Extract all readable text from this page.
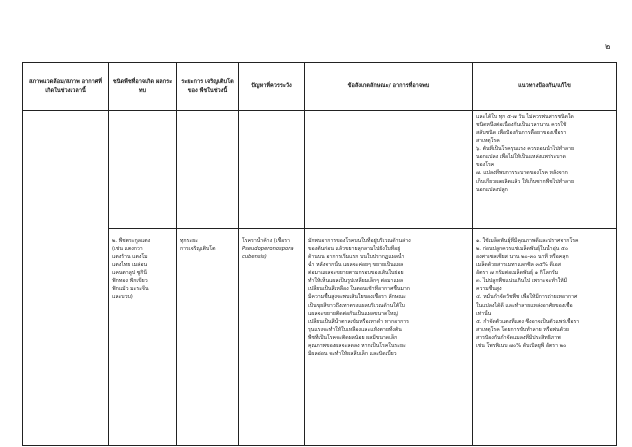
๒
สภาพแวดล้อม/สภาพ อากาศที่เกิดในช่วงเวลานี้
ชนิดพืชที่อาจเกิด ผลกระทบ
ระยะการ เจริญเติบโตของ พืชในช่วงนี้
ปัญหาที่ควรระวัง	ข้อสังเกตลักษณะ/ อาการที่อาจพบ	แนวทางป้องกัน/แก้ไข
และได้ใบ ทุก ๕-๗ วัน ไม่ควรพ่นสารชนิดใด
ชนิดหนึ่งต่อเนื่องกันเป็นเวลานาน ควรใช้
สลับชนิด เพื่อป้องกันการดื้อยาของเชื้อรา
สาเหตุโรค
๖. ต้นที่เป็นโรครุนแรง ควรถอนนำไปทำลาย
นอกแปลง เพื่อไม่ให้เป็นแหล่งแพร่ระบาด
ของโรค
๗. แปลงที่พบการระบาดของโรค หลังจาก
เก็บเกี่ยวผลผลิตแล้ว ให้เก็บซากพืชไปทำลาย
นอกแปลงปลูก
๒. พืชตระกูลแตง
(เช่น แตงกวา
แตงร้าน แตงโม
แตงไทย เมล่อน
แคนตาลูป ซูกินี
ฟักทอง ฟักเขียว
ฟักแม้ว มะระจีน
และบวบ)
ทุกระยะ
การเจริญเติบโต
โรคราน้ำค้าง (เชื้อรา
Pseudoperonospora
cubensis)
มักพบอาการของโรคบนใบที่อยู่บริเวณด้านล่าง
ของต้นก่อน แล้วขยายลุกลามไปยังใบที่อยู่
ด้านบน อาการเริ่มแรก บนใบปรากฏแผลน้ำ
ฉ่ำ หลังจากนั้น แผลจะค่อยๆ ขยายเป็นแผล
ต่อมาแผลจะขยายตามกรอบของเส้นใบย่อย
ทำให้เห็นแผลเป็นรูปเหลี่ยมเล็กๆ ต่อมาแผล
เปลี่ยนเป็นสีเหลือง ในตอนเช้าที่อากาศชื้นมาก
มีความชื้นสูงจะพบเส้นใยของเชื้อรา ลักษณะ
เป็นขุยสีขาวถึงเทาตรงแผลบริเวณด้านใต้ใบ
แผลจะขยายติดต่อกันเป็นแผลขนาดใหญ่
เปลี่ยนเป็นสีน้ำตาลเข้มหรือเทาดำ หากอาการ
รุนแรงจะทำให้ใบเหลืองและแห้งตายทั้งต้น
พืชที่เป็นโรคจะติดผลน้อย ผลมีขนาดเล็ก
คุณภาพของผลจะลดลง หากเป็นโรคในระยะ
มีผลอ่อน จะทำให้ผลลีบเล็ก และบิดเบี้ยว
๑. ใช้เมล็ดพันธุ์ที่มีคุณภาพดีและปราศจากโรค
๒. ก่อนปลูกควรแช่เมล็ดพันธุ์ในน้ำอุ่น ๕๐
องศาเซลเซียส นาน ๒๐-๓๐ นาที หรือคลุก
เมล็ดด้วยสารเมทาแลกซิล ๓๕% ดีเอส
อัตรา ๗ กรัมต่อเมล็ดพันธุ์ ๑ กิโลกรัม
๓. ไม่ปลูกพืชแน่นเกินไป เพราะจะทำให้มี
ความชื้นสูง
๔. หมั่นกำจัดวัชพืช เพื่อให้มีการถ่ายเทอากาศ
ในแปลงได้ดี และทำลายแหล่งอาศัยของเชื้อ
เท่านั้น
๕. กำจัดตัวแตงที่แตง ซึ่งอาจเป็นตัวแพร่เชื้อรา
สาเหตุโรค โดยการขับทำลาย หรือพ่นด้วย
สารป้องกันกำจัดแมลงที่มีประสิทธิภาพ
เช่น โพรพิเนบ ๗๐% ดับเบิลยูพี อัตรา ๒๐
